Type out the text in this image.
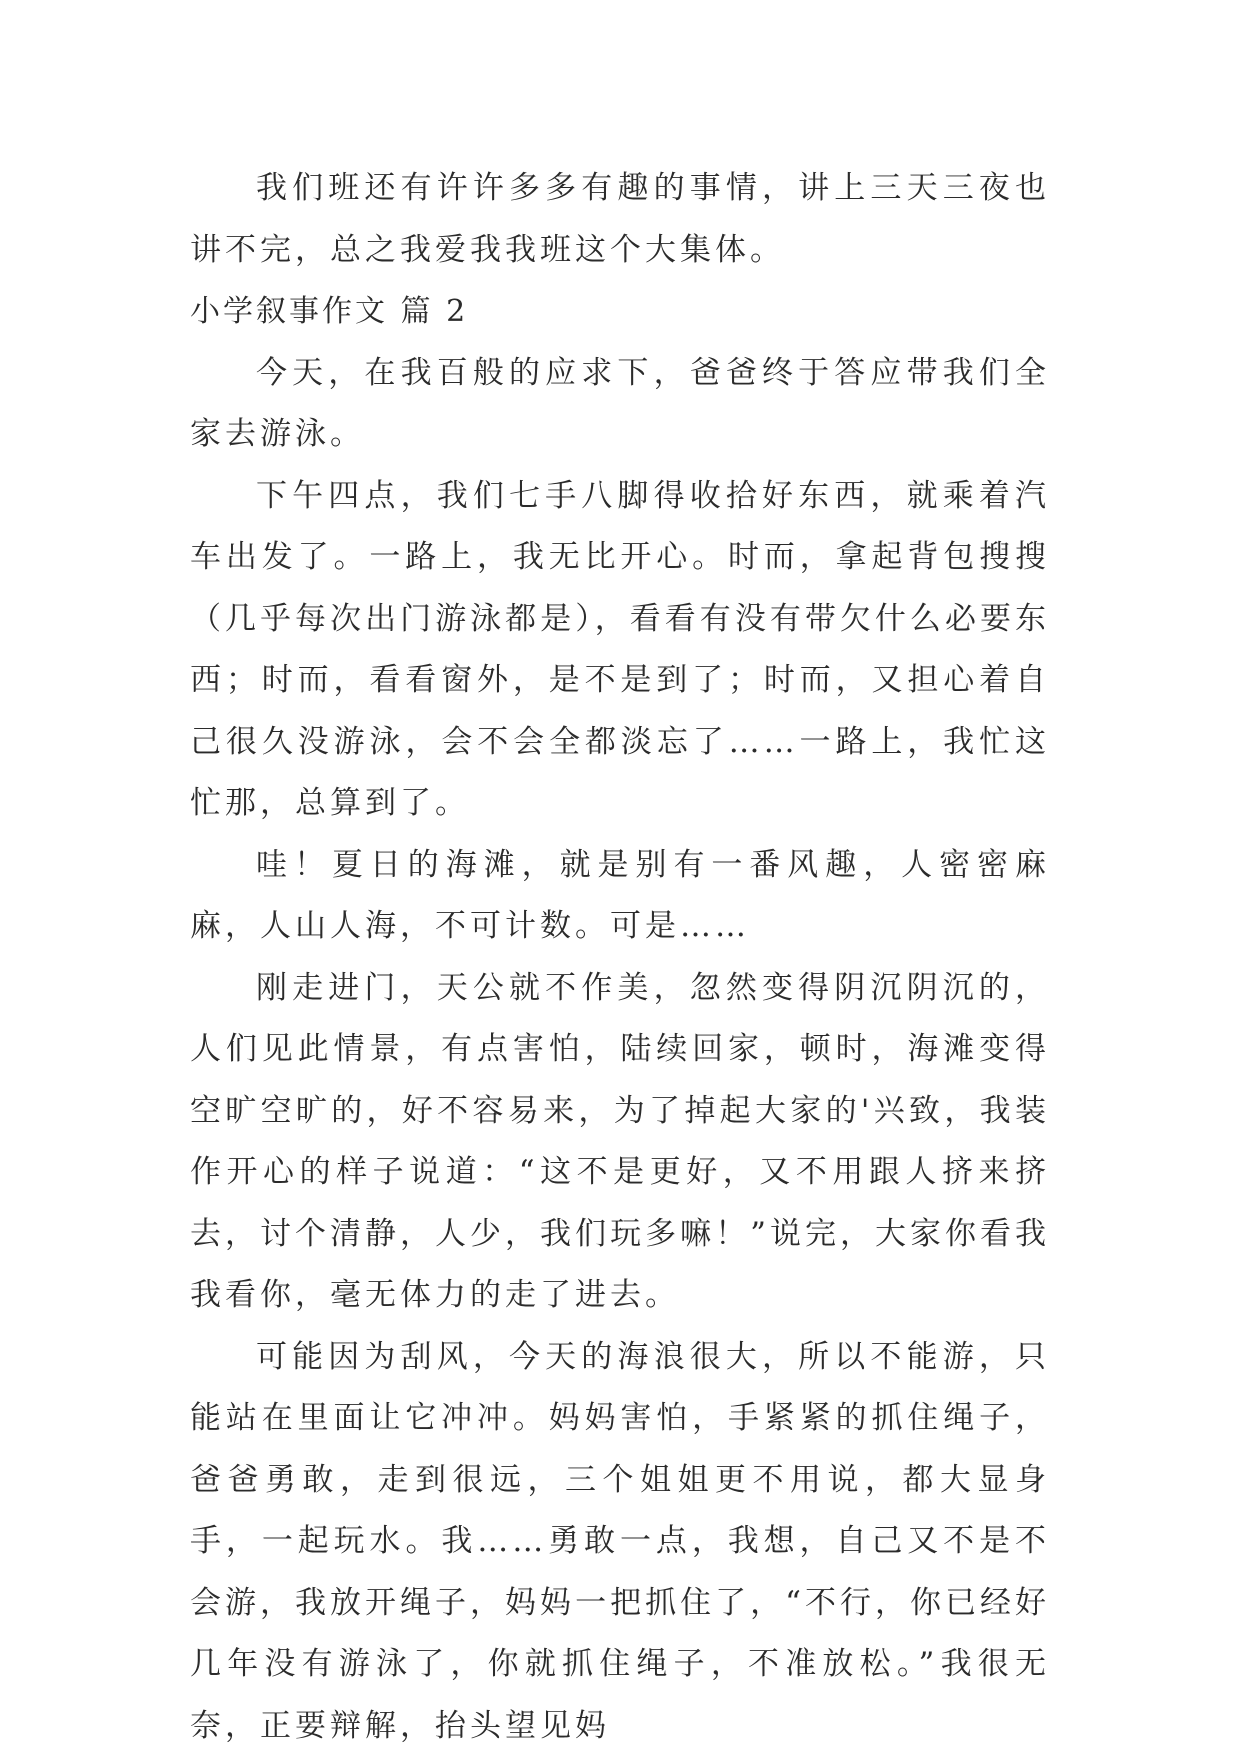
我们班还有许许多多有趣的事情，讲上三天三夜也讲不完，总之我爱我我班这个大集体。

小学叙事作文 篇 2

今天，在我百般的应求下，爸爸终于答应带我们全家去游泳。

下午四点，我们七手八脚得收拾好东西，就乘着汽车出发了。一路上，我无比开心。时而，拿起背包搜搜（几乎每次出门游泳都是），看看有没有带欠什么必要东西；时而，看看窗外，是不是到了；时而，又担心着自己很久没游泳，会不会全都淡忘了……一路上，我忙这忙那，总算到了。

哇！夏日的海滩，就是别有一番风趣，人密密麻麻，人山人海，不可计数。可是……

刚走进门，天公就不作美，忽然变得阴沉阴沉的，人们见此情景，有点害怕，陆续回家，顿时，海滩变得空旷空旷的，好不容易来，为了掉起大家的'兴致，我装作开心的样子说道：“这不是更好，又不用跟人挤来挤去，讨个清静，人少，我们玩多嘛！”说完，大家你看我我看你，毫无体力的走了进去。

可能因为刮风，今天的海浪很大，所以不能游，只能站在里面让它冲冲。妈妈害怕，手紧紧的抓住绳子，爸爸勇敢，走到很远，三个姐姐更不用说，都大显身手，一起玩水。我……勇敢一点，我想，自己又不是不会游，我放开绳子，妈妈一把抓住了，“不行，你已经好几年没有游泳了，你就抓住绳子，不准放松。”我很无奈，正要辩解，抬头望见妈
